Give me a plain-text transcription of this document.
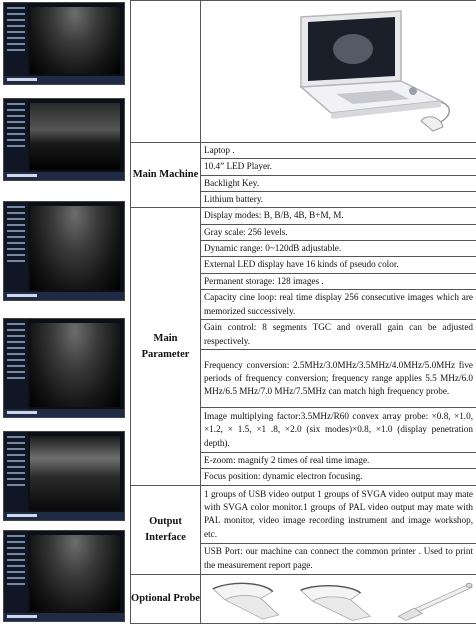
Main Machine	Laptop .
	10.4” LED Player.
	Backlight Key.
	Lithium battery.
Main Parameter	Display modes: B, B/B, 4B, B+M, M.
	Gray scale: 256 levels.
	Dynamic range: 0~120dB adjustable.
	External LED display have 16 kinds of pseudo color.
	Permanent storage: 128 images .
	Capacity cine loop: real time display 256 consecutive images which are memorized successively.
	Gain control: 8 segments TGC and overall gain can be adjusted respectively.
	Frequency conversion: 2.5MHz/3.0MHz/3.5MHz/4.0MHz/5.0MHz five periods of frequency conversion; frequency range applies 5.5 MHz/6.0 MHz/6.5 MHz/7.0 MHz/7.5MHz can match high frequency probe.
	Image multiplying factor:3.5MHz/R60 convex array probe: ×0.8, ×1.0, ×1.2, × 1.5, ×1 .8, ×2.0 (six modes)×0.8, ×1.0 (display penetration depth).
	E-zoom: magnify 2 times of real time image.
	Focus position: dynamic electron focusing.
Output Interface	1 groups of USB video output 1 groups of SVGA video output may mate with SVGA color monitor.1 groups of PAL video output may mate with PAL monitor, video image recording instrument and image workshop, etc.
	USB Port: our machine can connect the common printer . Used to print the measurement report page.
Optional Probe	
